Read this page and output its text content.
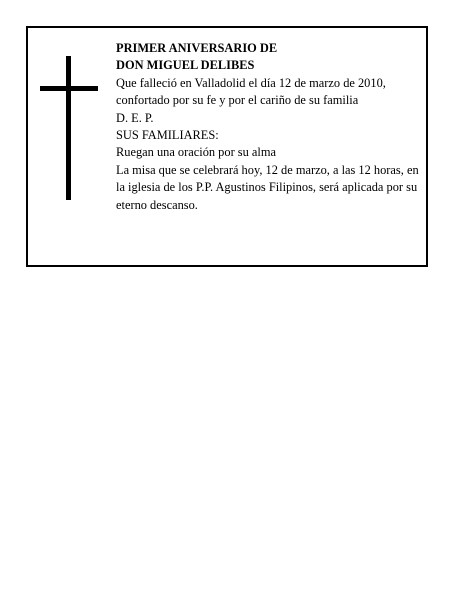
PRIMER ANIVERSARIO DE
DON MIGUEL DELIBES
Que falleció en Valladolid el día 12 de marzo de 2010, confortado por su fe y por el cariño de su familia
D. E. P.
SUS FAMILIARES:
Ruegan una oración por su alma
La misa que se celebrará hoy, 12 de marzo, a las 12 horas, en la iglesia de los P.P. Agustinos Filipinos, será aplicada por su eterno descanso.
